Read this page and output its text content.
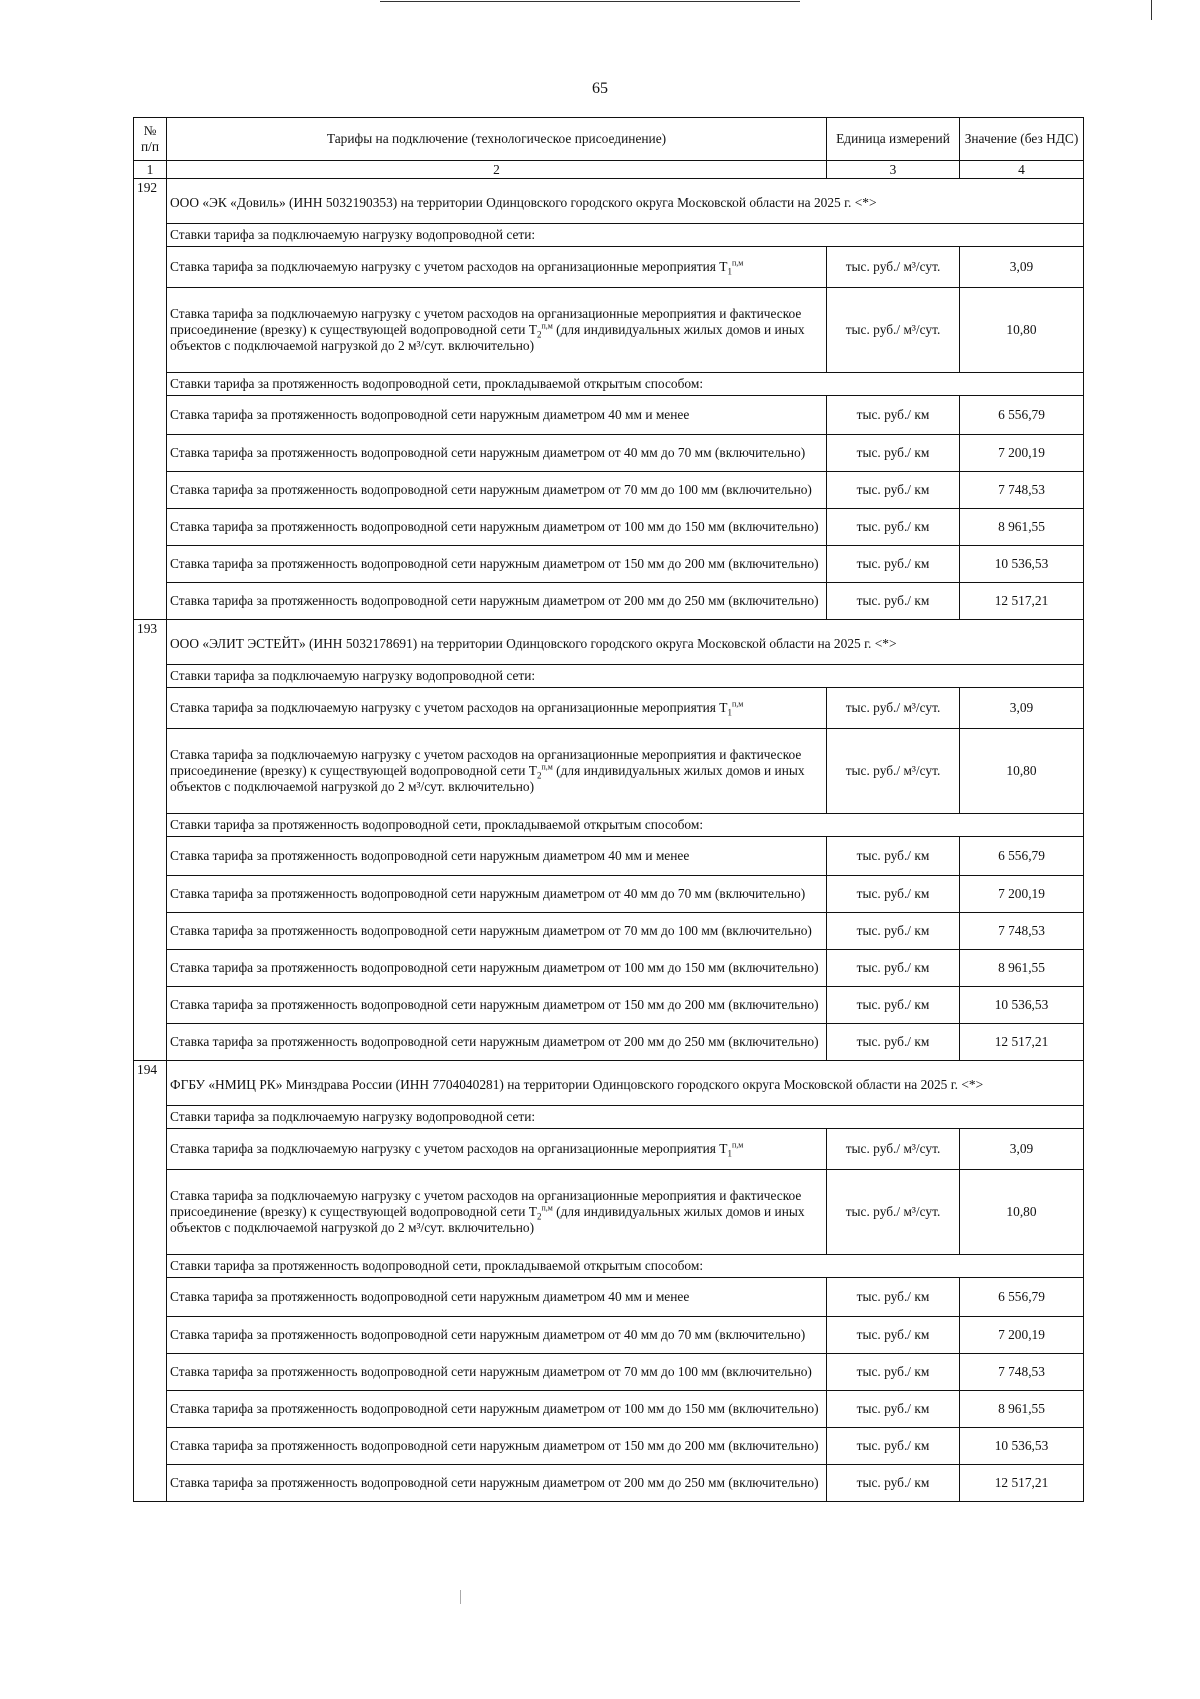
65
№ п/п	Тарифы на подключение (технологическое присоединение)	Единица измерений	Значение (без НДС)
1	2	3	4
192	ООО «ЭК «Довиль» (ИНН 5032190353) на территории Одинцовского городского округа Московской области на 2025 г. <*>		
	Ставки тарифа за подключаемую нагрузку водопроводной сети:		
	Ставка тарифа за подключаемую нагрузку с учетом расходов на организационные мероприятия $T_1^{п,м}$	тыс. руб./ м³/сут.	3,09
	Ставка тарифа за подключаемую нагрузку с учетом расходов на организационные мероприятия и фактическое присоединение (врезку) к существующей водопроводной сети $T_2^{п,м}$ (для индивидуальных жилых домов и иных объектов с подключаемой нагрузкой до 2 м³/сут. включительно)	тыс. руб./ м³/сут.	10,80
	Ставки тарифа за протяженность водопроводной сети, прокладываемой открытым способом:		
	Ставка тарифа за протяженность водопроводной сети наружным диаметром 40 мм и менее	тыс. руб./ км	6 556,79
	Ставка тарифа за протяженность водопроводной сети наружным диаметром от 40 мм до 70 мм (включительно)	тыс. руб./ км	7 200,19
	Ставка тарифа за протяженность водопроводной сети наружным диаметром от 70 мм до 100 мм (включительно)	тыс. руб./ км	7 748,53
	Ставка тарифа за протяженность водопроводной сети наружным диаметром от 100 мм до 150 мм (включительно)	тыс. руб./ км	8 961,55
	Ставка тарифа за протяженность водопроводной сети наружным диаметром от 150 мм до 200 мм (включительно)	тыс. руб./ км	10 536,53
	Ставка тарифа за протяженность водопроводной сети наружным диаметром от 200 мм до 250 мм (включительно)	тыс. руб./ км	12 517,21
193	ООО «ЭЛИТ ЭСТЕЙТ» (ИНН 5032178691) на территории Одинцовского городского округа Московской области на 2025 г. <*>		
	Ставки тарифа за подключаемую нагрузку водопроводной сети:		
	Ставка тарифа за подключаемую нагрузку с учетом расходов на организационные мероприятия $T_1^{п,м}$	тыс. руб./ м³/сут.	3,09
	Ставка тарифа за подключаемую нагрузку с учетом расходов на организационные мероприятия и фактическое присоединение (врезку) к существующей водопроводной сети $T_2^{п,м}$ (для индивидуальных жилых домов и иных объектов с подключаемой нагрузкой до 2 м³/сут. включительно)	тыс. руб./ м³/сут.	10,80
	Ставки тарифа за протяженность водопроводной сети, прокладываемой открытым способом:		
	Ставка тарифа за протяженность водопроводной сети наружным диаметром 40 мм и менее	тыс. руб./ км	6 556,79
	Ставка тарифа за протяженность водопроводной сети наружным диаметром от 40 мм до 70 мм (включительно)	тыс. руб./ км	7 200,19
	Ставка тарифа за протяженность водопроводной сети наружным диаметром от 70 мм до 100 мм (включительно)	тыс. руб./ км	7 748,53
	Ставка тарифа за протяженность водопроводной сети наружным диаметром от 100 мм до 150 мм (включительно)	тыс. руб./ км	8 961,55
	Ставка тарифа за протяженность водопроводной сети наружным диаметром от 150 мм до 200 мм (включительно)	тыс. руб./ км	10 536,53
	Ставка тарифа за протяженность водопроводной сети наружным диаметром от 200 мм до 250 мм (включительно)	тыс. руб./ км	12 517,21
194	ФГБУ «НМИЦ РК» Минздрава России (ИНН 7704040281) на территории Одинцовского городского округа Московской области на 2025 г. <*>		
	Ставки тарифа за подключаемую нагрузку водопроводной сети:		
	Ставка тарифа за подключаемую нагрузку с учетом расходов на организационные мероприятия $T_1^{п,м}$	тыс. руб./ м³/сут.	3,09
	Ставка тарифа за подключаемую нагрузку с учетом расходов на организационные мероприятия и фактическое присоединение (врезку) к существующей водопроводной сети $T_2^{п,м}$ (для индивидуальных жилых домов и иных объектов с подключаемой нагрузкой до 2 м³/сут. включительно)	тыс. руб./ м³/сут.	10,80
	Ставки тарифа за протяженность водопроводной сети, прокладываемой открытым способом:		
	Ставка тарифа за протяженность водопроводной сети наружным диаметром 40 мм и менее	тыс. руб./ км	6 556,79
	Ставка тарифа за протяженность водопроводной сети наружным диаметром от 40 мм до 70 мм (включительно)	тыс. руб./ км	7 200,19
	Ставка тарифа за протяженность водопроводной сети наружным диаметром от 70 мм до 100 мм (включительно)	тыс. руб./ км	7 748,53
	Ставка тарифа за протяженность водопроводной сети наружным диаметром от 100 мм до 150 мм (включительно)	тыс. руб./ км	8 961,55
	Ставка тарифа за протяженность водопроводной сети наружным диаметром от 150 мм до 200 мм (включительно)	тыс. руб./ км	10 536,53
	Ставка тарифа за протяженность водопроводной сети наружным диаметром от 200 мм до 250 мм (включительно)	тыс. руб./ км	12 517,21
